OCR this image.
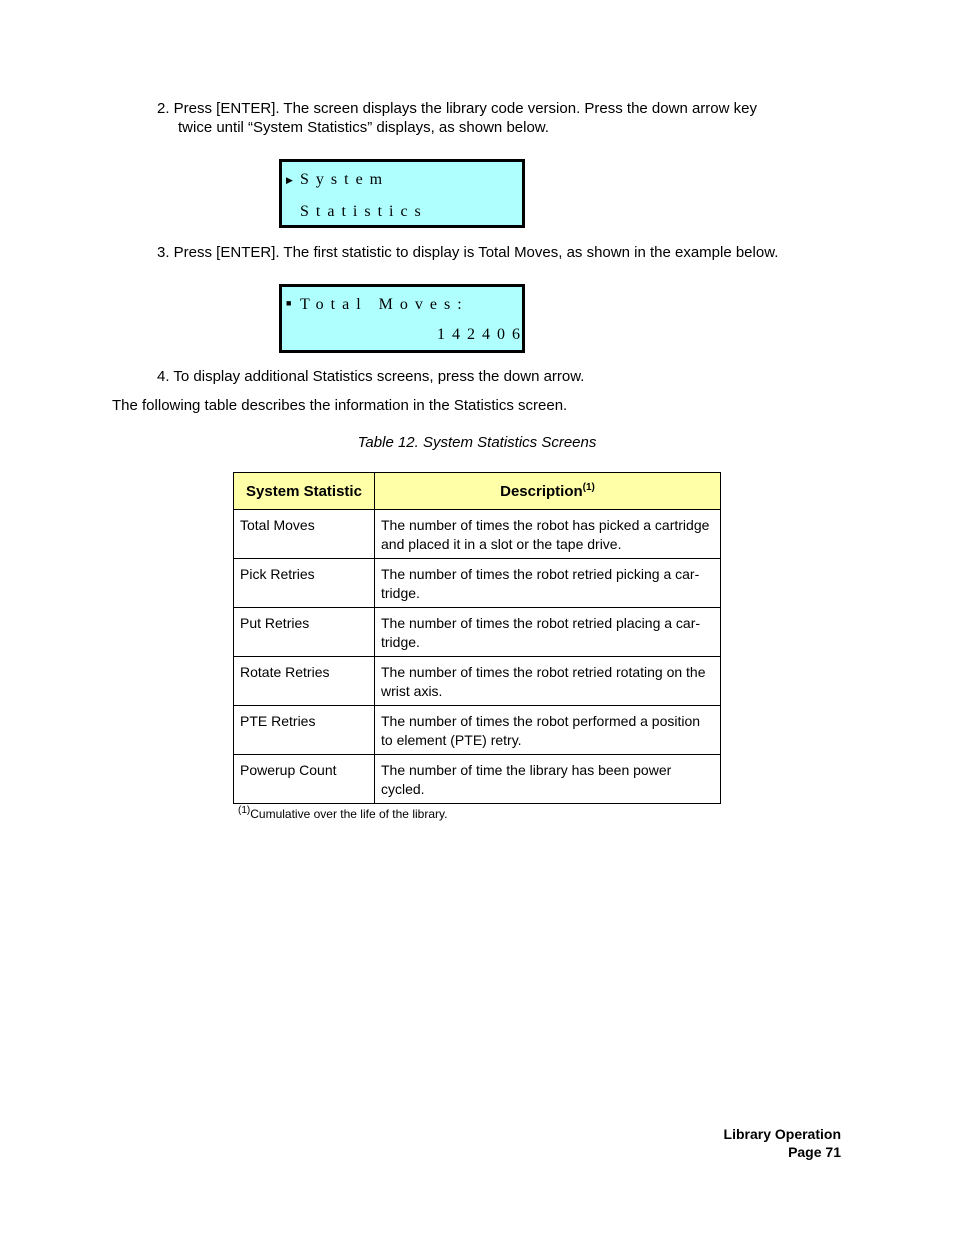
2. Press [ENTER]. The screen displays the library code version. Press the down arrow key
twice until “System Statistics” displays, as shown below.
▶ System
Statistics
3. Press [ENTER]. The first statistic to display is Total Moves, as shown in the example below.
■ Total Moves:
142406
4. To display additional Statistics screens, press the down arrow.
The following table describes the information in the Statistics screen.
Table 12. System Statistics Screens
System Statistic	Description$^{(1)}$
Total Moves	The number of times the robot has picked a cartridge and placed it in a slot or the tape drive.
Pick Retries	The number of times the robot retried picking a car-tridge.
Put Retries	The number of times the robot retried placing a car-tridge.
Rotate Retries	The number of times the robot retried rotating on the wrist axis.
PTE Retries	The number of times the robot performed a position to element (PTE) retry.
Powerup Count	The number of time the library has been power cycled.
$^{(1)}$Cumulative over the life of the library.
Library Operation
Page 71
